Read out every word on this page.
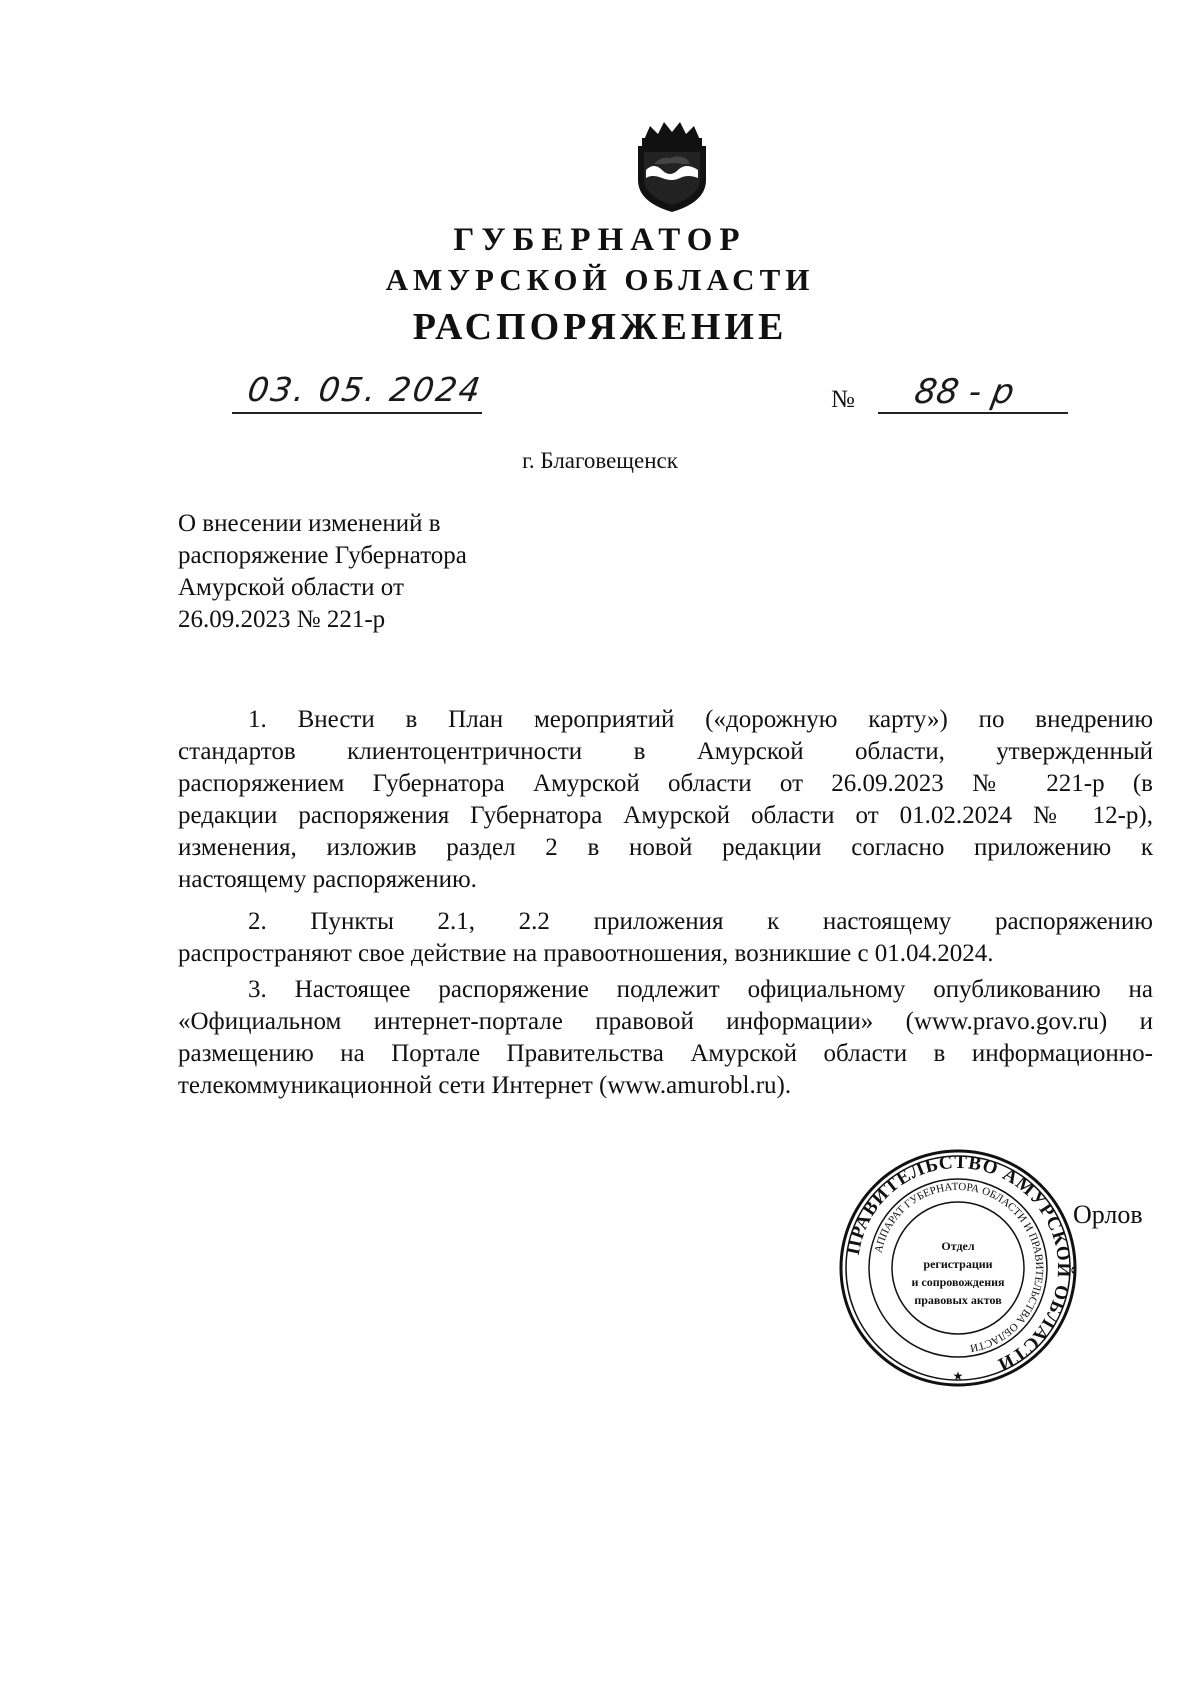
ГУБЕРНАТОР
АМУРСКОЙ ОБЛАСТИ
РАСПОРЯЖЕНИЕ
03. 05. 2024	№ 88 - р
г. Благовещенск
О внесении изменений в
распоряжение Губернатора
Амурской области от
26.09.2023 № 221-р
1. Внести в План мероприятий («дорожную карту») по внедрению
стандартов клиентоцентричности в Амурской области, утвержденный
распоряжением Губернатора Амурской области от 26.09.2023 № 221-р (в
редакции распоряжения Губернатора Амурской области от 01.02.2024 № 12-р),
изменения, изложив раздел 2 в новой редакции согласно приложению к
настоящему распоряжению.
2. Пункты 2.1, 2.2 приложения к настоящему распоряжению
распространяют свое действие на правоотношения, возникшие с 01.04.2024.
3. Настоящее распоряжение подлежит официальному опубликованию на
«Официальном интернет-портале правовой информации» (www.pravo.gov.ru) и
размещению на Портале Правительства Амурской области в информационно-
телекоммуникационной сети Интернет (www.amurobl.ru).
ПРАВИТЕЛЬСТВО АМУРСКОЙ ОБЛАСТИ
АППАРАТ ГУБЕРНАТОРА ОБЛАСТИ И ПРАВИТЕЛЬСТВА ОБЛАСТИ
Отдел
регистрации
и сопровождения
правовых актов
★
Орлов
